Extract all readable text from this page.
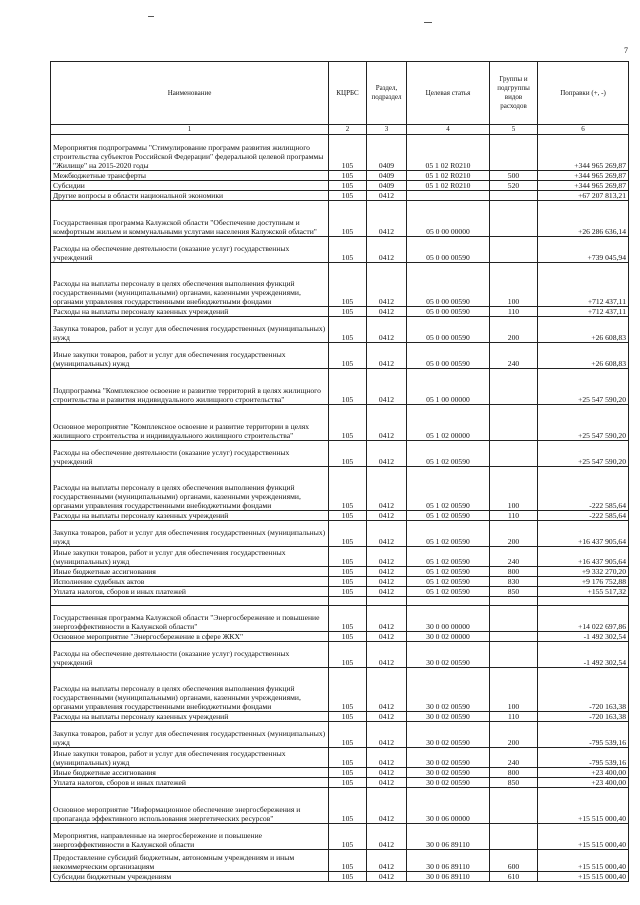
7
Наименование	КЦРБС	Раздел, подраздел	Целевая статья	Группы и подгруппы видов расходов	Поправки (+, -)
1	2	3	4	5	6
Мероприятия подпрограммы "Стимулирование программ развития жилищного строительства субъектов Российской Федерации" федеральной целевой программы "Жилище" на 2015-2020 годы	105	0409	05 1 02 R0210		+344 965 269,87
Межбюджетные трансферты	105	0409	05 1 02 R0210	500	+344 965 269,87
Субсидии	105	0409	05 1 02 R0210	520	+344 965 269,87
Другие вопросы в области национальной экономики	105	0412			+67 207 813,21
Государственная программа Калужской области "Обеспечение доступным и комфортным жильем и коммунальными услугами населения Калужской области"	105	0412	05 0 00 00000		+26 286 636,14
Расходы на обеспечение деятельности (оказание услуг) государственных учреждений	105	0412	05 0 00 00590		+739 045,94
Расходы на выплаты персоналу в целях обеспечения выполнения функций государственными (муниципальными) органами, казенными учреждениями, органами управления государственными внебюджетными фондами	105	0412	05 0 00 00590	100	+712 437,11
Расходы на выплаты персоналу казенных учреждений	105	0412	05 0 00 00590	110	+712 437,11
Закупка товаров, работ и услуг для обеспечения государственных (муниципальных) нужд	105	0412	05 0 00 00590	200	+26 608,83
Иные закупки товаров, работ и услуг для обеспечения государственных (муниципальных) нужд	105	0412	05 0 00 00590	240	+26 608,83
Подпрограмма "Комплексное освоение и развитие территорий в целях жилищного строительства и развития индивидуального жилищного строительства"	105	0412	05 1 00 00000		+25 547 590,20
Основное мероприятие "Комплексное освоение и развитие территории в целях жилищного строительства и индивидуального жилищного строительства"	105	0412	05 1 02 00000		+25 547 590,20
Расходы на обеспечение деятельности (оказание услуг) государственных учреждений	105	0412	05 1 02 00590		+25 547 590,20
Расходы на выплаты персоналу в целях обеспечения выполнения функций государственными (муниципальными) органами, казенными учреждениями, органами управления государственными внебюджетными фондами	105	0412	05 1 02 00590	100	-222 585,64
Расходы на выплаты персоналу казенных учреждений	105	0412	05 1 02 00590	110	-222 585,64
Закупка товаров, работ и услуг для обеспечения государственных (муниципальных) нужд	105	0412	05 1 02 00590	200	+16 437 905,64
Иные закупки товаров, работ и услуг для обеспечения государственных (муниципальных) нужд	105	0412	05 1 02 00590	240	+16 437 905,64
Иные бюджетные ассигнования	105	0412	05 1 02 00590	800	+9 332 270,20
Исполнение судебных актов	105	0412	05 1 02 00590	830	+9 176 752,88
Уплата налогов, сборов и иных платежей	105	0412	05 1 02 00590	850	+155 517,32

Государственная программа Калужской области "Энергосбережение и повышение энергоэффективности в Калужской области"	105	0412	30 0 00 00000		+14 022 697,86
Основное мероприятие "Энергосбережение в сфере ЖКХ"	105	0412	30 0 02 00000		-1 492 302,54
Расходы на обеспечение деятельности (оказание услуг) государственных учреждений	105	0412	30 0 02 00590		-1 492 302,54
Расходы на выплаты персоналу в целях обеспечения выполнения функций государственными (муниципальными) органами, казенными учреждениями, органами управления государственными внебюджетными фондами	105	0412	30 0 02 00590	100	-720 163,38
Расходы на выплаты персоналу казенных учреждений	105	0412	30 0 02 00590	110	-720 163,38
Закупка товаров, работ и услуг для обеспечения государственных (муниципальных) нужд	105	0412	30 0 02 00590	200	-795 539,16
Иные закупки товаров, работ и услуг для обеспечения государственных (муниципальных) нужд	105	0412	30 0 02 00590	240	-795 539,16
Иные бюджетные ассигнования	105	0412	30 0 02 00590	800	+23 400,00
Уплата налогов, сборов и иных платежей	105	0412	30 0 02 00590	850	+23 400,00
Основное мероприятие "Информационное обеспечение энергосбережения и пропаганда эффективного использования энергетических ресурсов"	105	0412	30 0 06 00000		+15 515 000,40
Мероприятия, направленные на энергосбережение и повышение энергоэффективности в Калужской области	105	0412	30 0 06 89110		+15 515 000,40
Предоставление субсидий бюджетным, автономным учреждениям и иным некоммерческим организациям	105	0412	30 0 06 89110	600	+15 515 000,40
Субсидии бюджетным учреждениям	105	0412	30 0 06 89110	610	+15 515 000,40
